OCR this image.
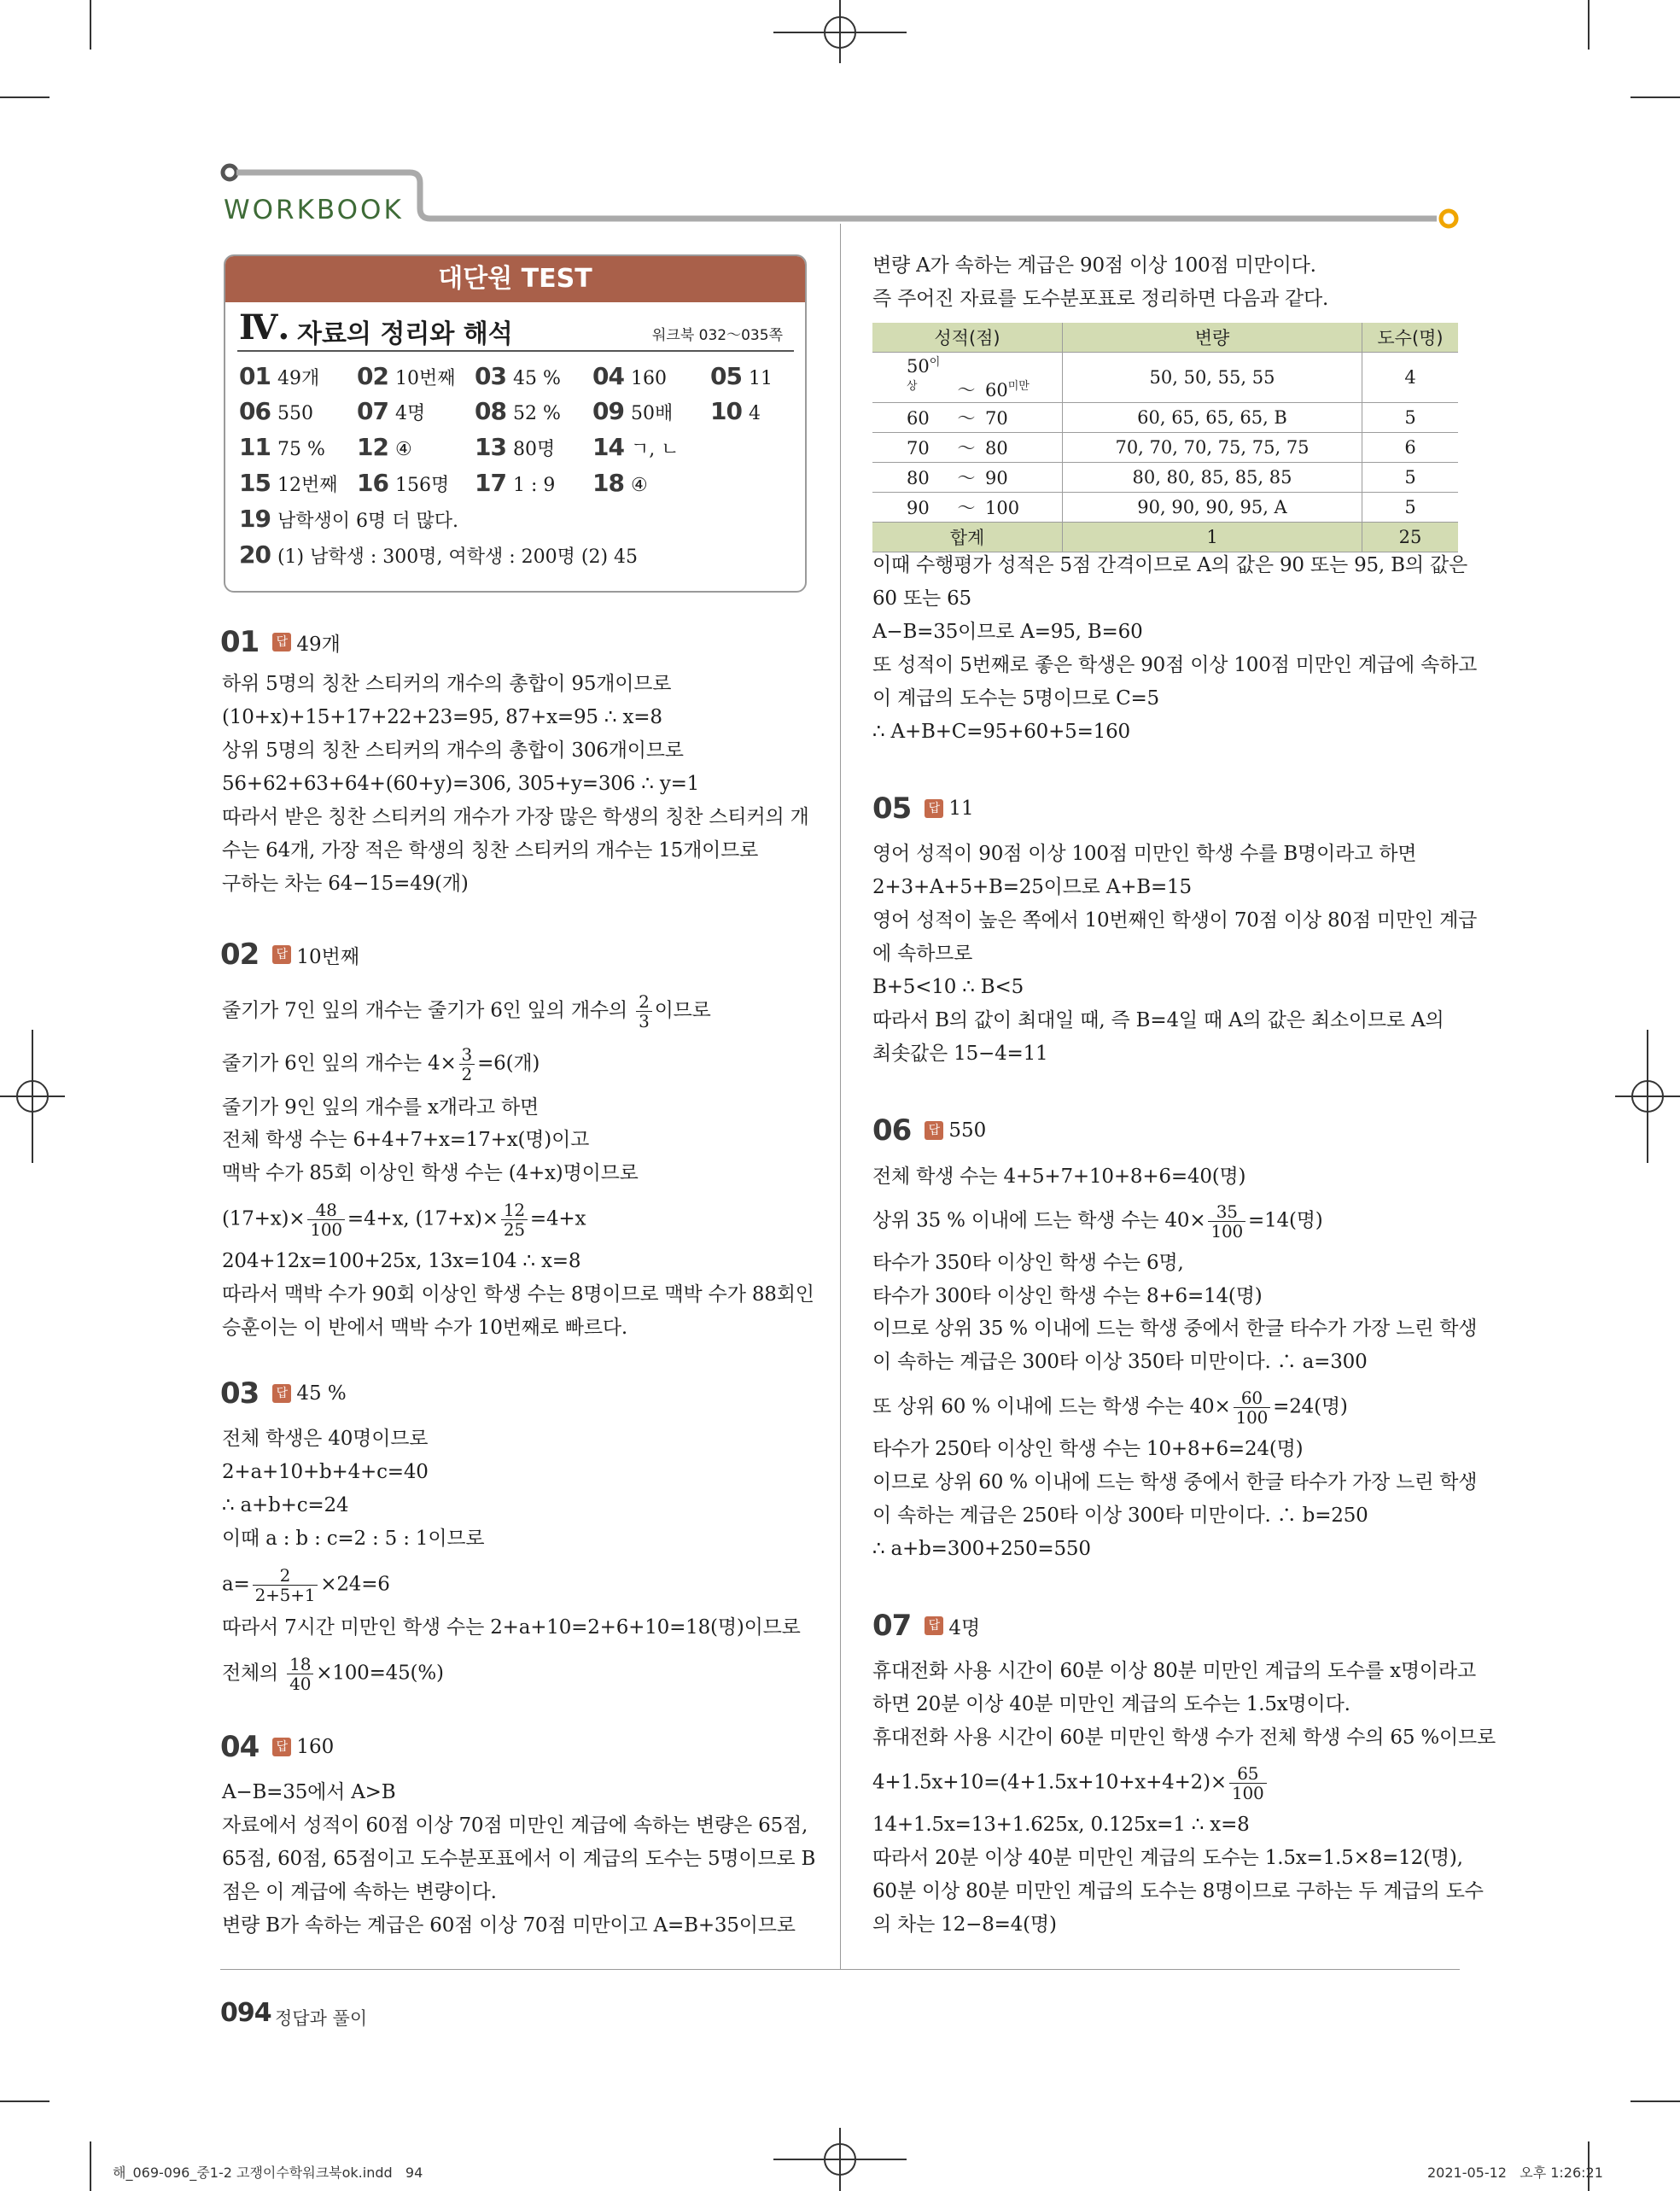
WORKBOOK
대단원 TEST
Ⅳ. 자료의 정리와 해석	워크북 032～035쪽
01 49개 02 10번째 03 45 % 04 160 05 11
06 550 07 4명 08 52 % 09 50배 10 4
11 75 % 12 ④	13 80명 14 ㄱ, ㄴ
15 12번째 16 156명 17 1 : 9 18 ④
19 남학생이 6명 더 많다.
20 (1) 남학생 : 300명, 여학생 : 200명 (2) 45
01	답 49개
하위 5명의 칭찬 스티커의 개수의 총합이 95개이므로
(10+x)+15+17+22+23=95, 87+x=95 ∴ x=8
상위 5명의 칭찬 스티커의 개수의 총합이 306개이므로
56+62+63+64+(60+y)=306, 305+y=306 ∴ y=1
따라서 받은 칭찬 스티커의 개수가 가장 많은 학생의 칭찬 스티커의 개
수는 64개, 가장 적은 학생의 칭찬 스티커의 개수는 15개이므로
구하는 차는 64−15=49(개)
02	답 10번째
줄기가 7인 잎의 개수는 줄기가 6인 잎의 개수의 $\frac{2}{3}$ 이므로
줄기가 6인 잎의 개수는 $4\times \frac{3}{2} =6$(개)
줄기가 9인 잎의 개수를 x개라고 하면
전체 학생 수는 6+4+7+x=17+x(명)이고
맥박 수가 85회 이상인 학생 수는 (4+x)명이므로
$(17+x)\times \frac{48}{100} =4+x$, $(17+x)\times \frac{12}{25} =4+x$
204+12x=100+25x, 13x=104 ∴ x=8
따라서 맥박 수가 90회 이상인 학생 수는 8명이므로 맥박 수가 88회인
승훈이는 이 반에서 맥박 수가 10번째로 빠르다.
03	답 45 %
전체 학생은 40명이므로
2+a+10+b+4+c=40
∴ a+b+c=24
이때 a : b : c=2 : 5 : 1이므로
$a= \frac{2}{2+5+1} \times 24=6$
따라서 7시간 미만인 학생 수는 2+a+10=2+6+10=18(명)이므로
전체의 $\frac{18}{40} \times 100=45(\%)$
04	답 160
A−B=35에서 A>B
자료에서 성적이 60점 이상 70점 미만인 계급에 속하는 변량은 65점,
65점, 60점, 65점이고 도수분포표에서 이 계급의 도수는 5명이므로 B
점은 이 계급에 속하는 변량이다.
변량 B가 속하는 계급은 60점 이상 70점 미만이고 A=B+35이므로
변량 A가 속하는 계급은 90점 이상 100점 미만이다.
즉 주어진 자료를 도수분포표로 정리하면 다음과 같다.
성적(점)	변량	도수(명)
$50^{이상}$ ～ $60^{미만}$	50, 50, 55, 55	4
60 ～ 70	60, 65, 65, 65, B	5
70 ～ 80	70, 70, 70, 75, 75, 75	6
80 ～ 90	80, 80, 85, 85, 85	5
90 ～ 100	90, 90, 90, 95, A	5
합계	1	25
이때 수행평가 성적은 5점 간격이므로 A의 값은 90 또는 95, B의 값은
60 또는 65
A−B=35이므로 A=95, B=60
또 성적이 5번째로 좋은 학생은 90점 이상 100점 미만인 계급에 속하고
이 계급의 도수는 5명이므로 C=5
∴ A+B+C=95+60+5=160
05	답 11
영어 성적이 90점 이상 100점 미만인 학생 수를 B명이라고 하면
2+3+A+5+B=25이므로 A+B=15
영어 성적이 높은 쪽에서 10번째인 학생이 70점 이상 80점 미만인 계급
에 속하므로
B+5<10 ∴ B<5
따라서 B의 값이 최대일 때, 즉 B=4일 때 A의 값은 최소이므로 A의
최솟값은 15−4=11
06	답 550
전체 학생 수는 4+5+7+10+8+6=40(명)
상위 35 % 이내에 드는 학생 수는 $40\times \frac{35}{100} =14$(명)
타수가 350타 이상인 학생 수는 6명,
타수가 300타 이상인 학생 수는 8+6=14(명)
이므로 상위 35 % 이내에 드는 학생 중에서 한글 타수가 가장 느린 학생
이 속하는 계급은 300타 이상 350타 미만이다. ∴ a=300
또 상위 60 % 이내에 드는 학생 수는 $40\times \frac{60}{100} =24$(명)
타수가 250타 이상인 학생 수는 10+8+6=24(명)
이므로 상위 60 % 이내에 드는 학생 중에서 한글 타수가 가장 느린 학생
이 속하는 계급은 250타 이상 300타 미만이다. ∴ b=250
∴ a+b=300+250=550
07	답 4명
휴대전화 사용 시간이 60분 이상 80분 미만인 계급의 도수를 x명이라고
하면 20분 이상 40분 미만인 계급의 도수는 1.5x명이다.
휴대전화 사용 시간이 60분 미만인 학생 수가 전체 학생 수의 65 %이므로
$4+1.5x+10=(4+1.5x+10+x+4+2)\times \frac{65}{100}$
14+1.5x=13+1.625x, 0.125x=1 ∴ x=8
따라서 20분 이상 40분 미만인 계급의 도수는 1.5x=1.5×8=12(명),
60분 이상 80분 미만인 계급의 도수는 8명이므로 구하는 두 계급의 도수
의 차는 12−8=4(명)
094 정답과 풀이
해_069-096_중1-2 고쟁이수학워크북ok.indd   94	2021-05-12   오후 1:26:21
